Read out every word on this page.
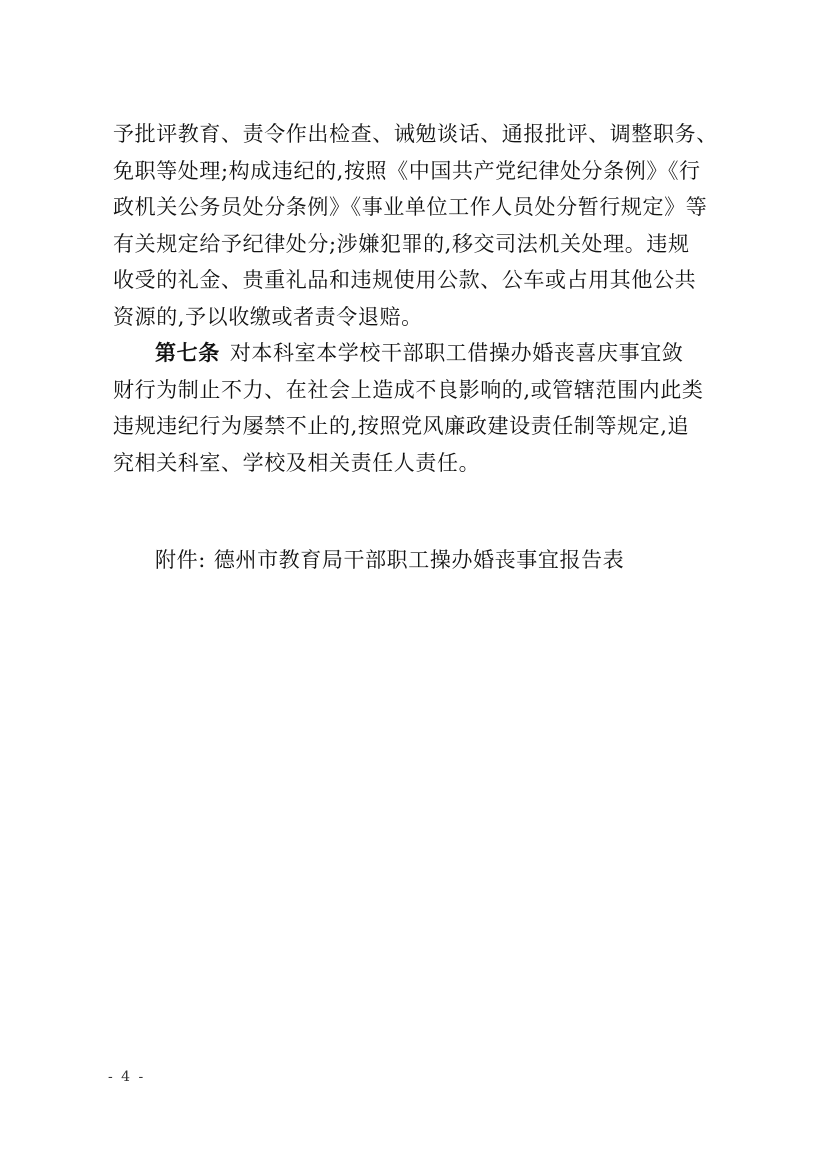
予批评教育、责令作出检查、诫勉谈话、通报批评、调整职务、
免职等处理;构成违纪的,按照《中国共产党纪律处分条例》《行
政机关公务员处分条例》《事业单位工作人员处分暂行规定》等
有关规定给予纪律处分;涉嫌犯罪的,移交司法机关处理。违规
收受的礼金、贵重礼品和违规使用公款、公车或占用其他公共
资源的,予以收缴或者责令退赔。
第七条 对本科室本学校干部职工借操办婚丧喜庆事宜敛
财行为制止不力、在社会上造成不良影响的,或管辖范围内此类
违规违纪行为屡禁不止的,按照党风廉政建设责任制等规定,追
究相关科室、学校及相关责任人责任。
附件: 德州市教育局干部职工操办婚丧事宜报告表
- 4 -
